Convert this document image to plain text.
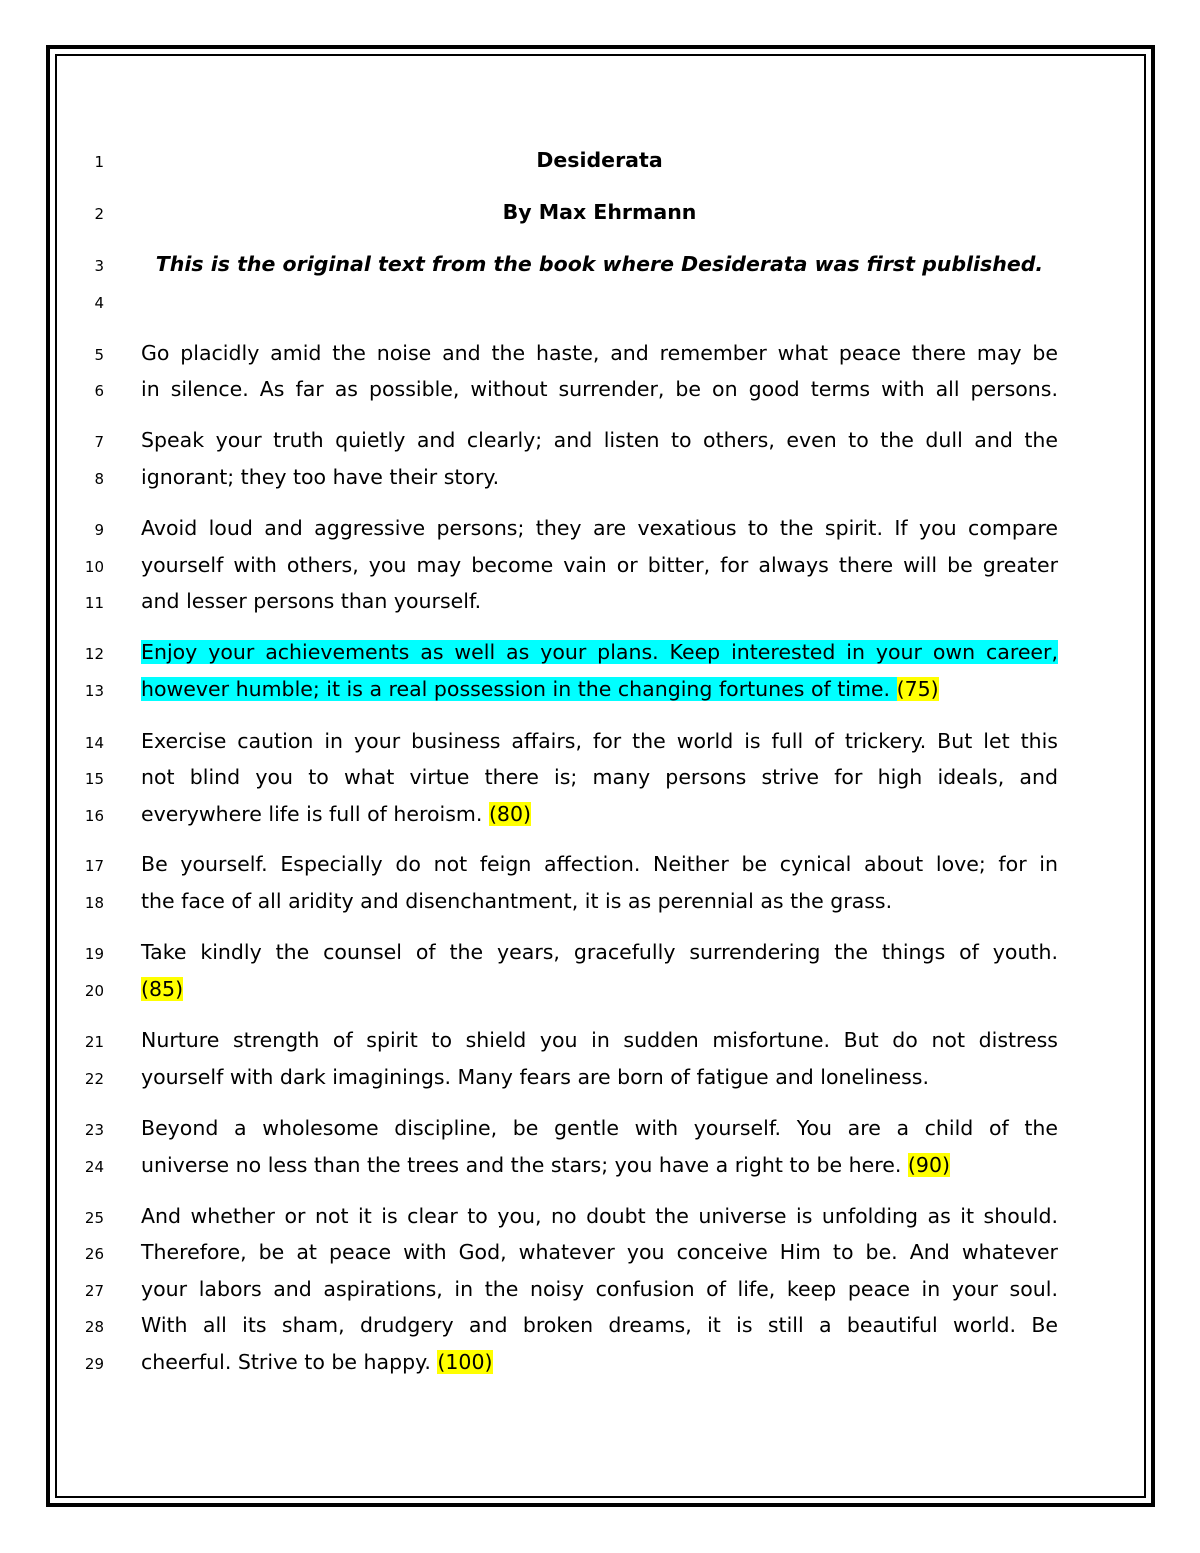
1	Desiderata
2	By Max Ehrmann
3	This is the original text from the book where Desiderata was first published.
4
5 Go placidly amid the noise and the haste, and remember what peace there may be
6 in silence. As far as possible, without surrender, be on good terms with all persons.
7 Speak your truth quietly and clearly; and listen to others, even to the dull and the
8 ignorant; they too have their story.
9 Avoid loud and aggressive persons; they are vexatious to the spirit. If you compare
10 yourself with others, you may become vain or bitter, for always there will be greater
11 and lesser persons than yourself.
12 Enjoy your achievements as well as your plans. Keep interested in your own career,
13 however humble; it is a real possession in the changing fortunes of time. (75)
14 Exercise caution in your business affairs, for the world is full of trickery. But let this
15 not blind you to what virtue there is; many persons strive for high ideals, and
16 everywhere life is full of heroism. (80)
17 Be yourself. Especially do not feign affection. Neither be cynical about love; for in
18 the face of all aridity and disenchantment, it is as perennial as the grass.
19 Take kindly the counsel of the years, gracefully surrendering the things of youth.
20 (85)
21 Nurture strength of spirit to shield you in sudden misfortune. But do not distress
22 yourself with dark imaginings. Many fears are born of fatigue and loneliness.
23 Beyond a wholesome discipline, be gentle with yourself. You are a child of the
24 universe no less than the trees and the stars; you have a right to be here. (90)
25 And whether or not it is clear to you, no doubt the universe is unfolding as it should.
26 Therefore, be at peace with God, whatever you conceive Him to be. And whatever
27 your labors and aspirations, in the noisy confusion of life, keep peace in your soul.
28 With all its sham, drudgery and broken dreams, it is still a beautiful world. Be
29 cheerful. Strive to be happy. (100)
